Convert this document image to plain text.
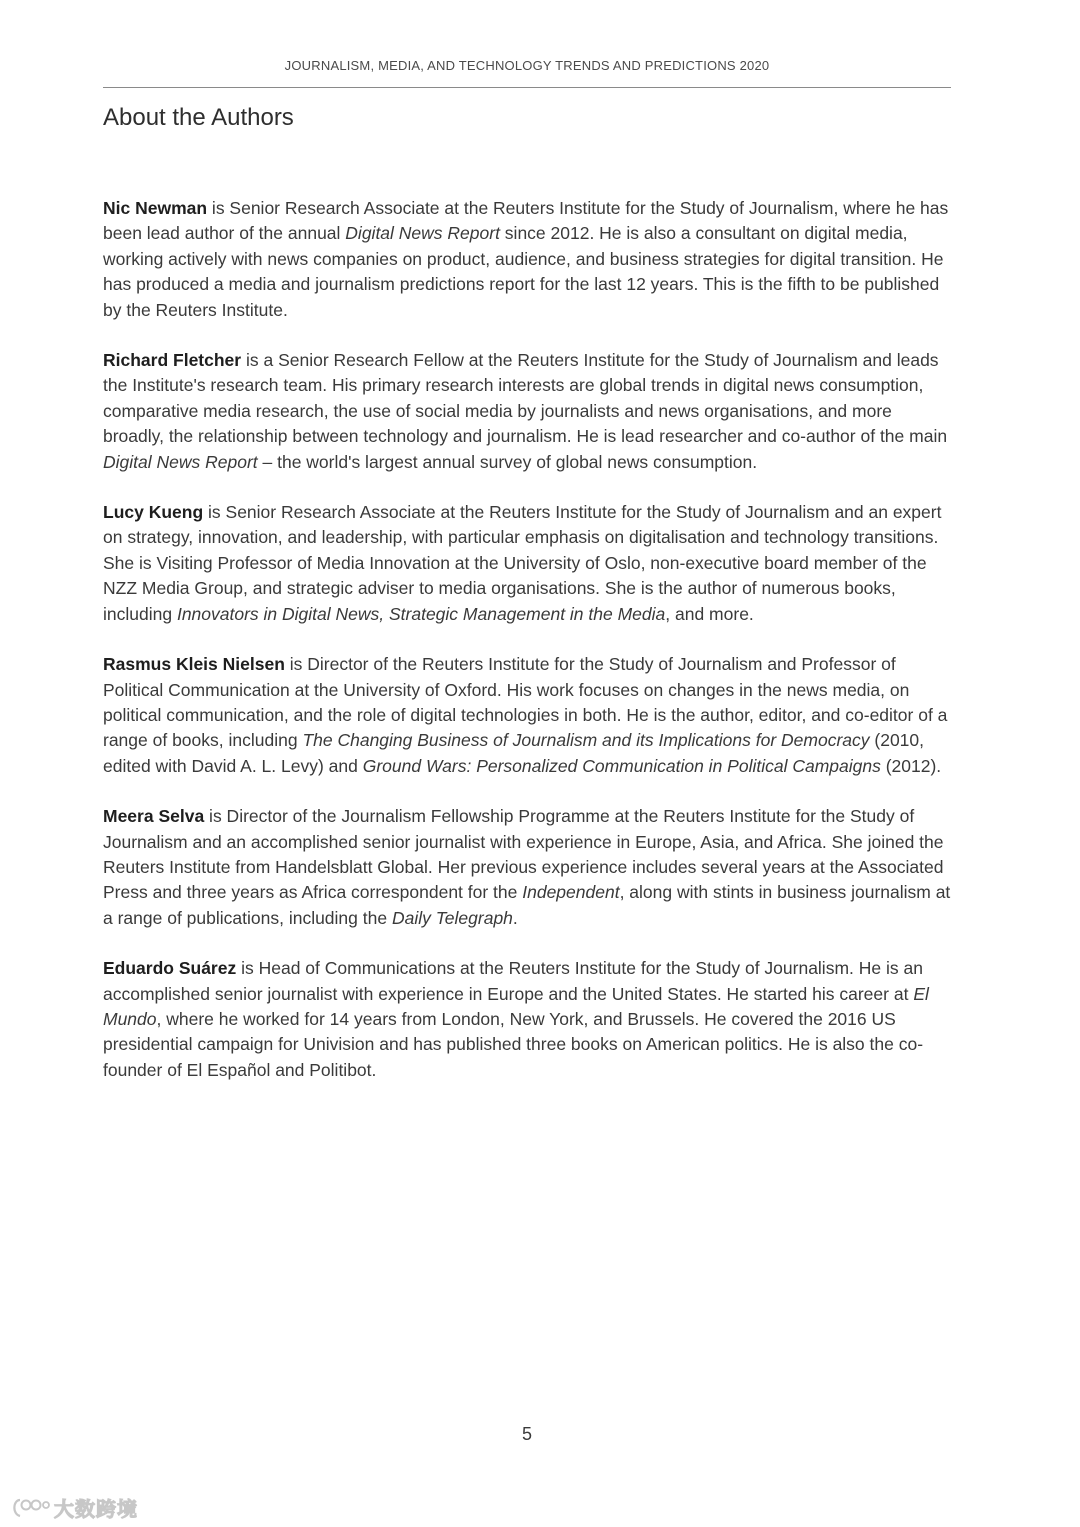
JOURNALISM, MEDIA, AND TECHNOLOGY TRENDS AND PREDICTIONS 2020
About the Authors

Nic Newman is Senior Research Associate at the Reuters Institute for the Study of Journalism, where he has been lead author of the annual Digital News Report since 2012. He is also a consultant on digital media, working actively with news companies on product, audience, and business strategies for digital transition. He has produced a media and journalism predictions report for the last 12 years. This is the fifth to be published by the Reuters Institute.

Richard Fletcher is a Senior Research Fellow at the Reuters Institute for the Study of Journalism and leads the Institute's research team. His primary research interests are global trends in digital news consumption, comparative media research, the use of social media by journalists and news organisations, and more broadly, the relationship between technology and journalism. He is lead researcher and co-author of the main Digital News Report – the world's largest annual survey of global news consumption.

Lucy Kueng is Senior Research Associate at the Reuters Institute for the Study of Journalism and an expert on strategy, innovation, and leadership, with particular emphasis on digitalisation and technology transitions. She is Visiting Professor of Media Innovation at the University of Oslo, non-executive board member of the NZZ Media Group, and strategic adviser to media organisations. She is the author of numerous books, including Innovators in Digital News, Strategic Management in the Media, and more.

Rasmus Kleis Nielsen is Director of the Reuters Institute for the Study of Journalism and Professor of Political Communication at the University of Oxford. His work focuses on changes in the news media, on political communication, and the role of digital technologies in both. He is the author, editor, and co-editor of a range of books, including The Changing Business of Journalism and its Implications for Democracy (2010, edited with David A. L. Levy) and Ground Wars: Personalized Communication in Political Campaigns (2012).

Meera Selva is Director of the Journalism Fellowship Programme at the Reuters Institute for the Study of Journalism and an accomplished senior journalist with experience in Europe, Asia, and Africa. She joined the Reuters Institute from Handelsblatt Global. Her previous experience includes several years at the Associated Press and three years as Africa correspondent for the Independent, along with stints in business journalism at a range of publications, including the Daily Telegraph.

Eduardo Suárez is Head of Communications at the Reuters Institute for the Study of Journalism. He is an accomplished senior journalist with experience in Europe and the United States. He started his career at El Mundo, where he worked for 14 years from London, New York, and Brussels. He covered the 2016 US presidential campaign for Univision and has published three books on American politics. He is also the co-founder of El Español and Politibot.

5
大数跨境
